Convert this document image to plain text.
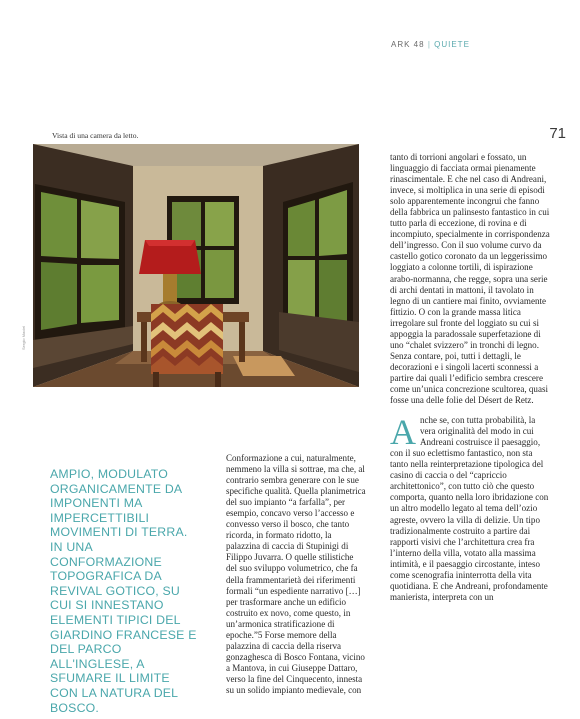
ARK 48 | QUIETE
71
Vista di una camera da letto.
Sergio Maciel
AMPIO, MODULATO ORGANICAMENTE DA IMPONENTI MA IMPERCETTIBILI MOVIMENTI DI TERRA. IN UNA CONFORMAZIONE TOPOGRAFICA DA REVIVAL GOTICO, SU CUI SI INNESTANO ELEMENTI TIPICI DEL GIARDINO FRANCESE E DEL PARCO ALL'INGLESE, A SFUMARE IL LIMITE CON LA NATURA DEL BOSCO.

Conformazione a cui, naturalmente, nemmeno la villa si sottrae, ma che, al contrario sembra generare con le sue specifiche qualità. Quella planimetrica del suo impianto “a farfalla”, per esempio, concavo verso l’accesso e convesso verso il bosco, che tanto ricorda, in formato ridotto, la palazzina di caccia di Stupinigi di Filippo Juvarra. O quelle stilistiche del suo sviluppo volumetrico, che fa della frammentarietà dei riferimenti formali “un espediente narrativo […] per trasformare anche un edificio costruito ex novo, come questo, in un’armonica stratificazione di epoche.”5 Forse memore della palazzina di caccia della riserva gonzaghesca di Bosco Fontana, vicino a Mantova, in cui Giuseppe Dattaro, verso la fine del Cinquecento, innesta su un solido impianto medievale, con

tanto di torrioni angolari e fossato, un linguaggio di facciata ormai pienamente rinascimentale. E che nel caso di Andreani, invece, si moltiplica in una serie di episodi solo apparentemente incongrui che fanno della fabbrica un palinsesto fantastico in cui tutto parla di eccezione, di rovina e di incompiuto, specialmente in corrispondenza dell’ingresso. Con il suo volume curvo da castello gotico coronato da un leggerissimo loggiato a colonne tortili, di ispirazione arabo-normanna, che regge, sopra una serie di archi dentati in mattoni, il tavolato in legno di un cantiere mai finito, ovviamente fittizio. O con la grande massa litica irregolare sul fronte del loggiato su cui si appoggia la paradossale superfetazione di uno “chalet svizzero” in tronchi di legno. Senza contare, poi, tutti i dettagli, le decorazioni e i singoli lacerti sconnessi a partire dai quali l’edificio sembra crescere come un’unica concrezione scultorea, quasi fosse una delle folie del Désert de Retz.

Anche se, con tutta probabilità, la vera originalità del modo in cui Andreani costruisce il paesaggio, con il suo eclettismo fantastico, non sta tanto nella reinterpretazione tipologica del casino di caccia o del “capriccio architettonico”, con tutto ciò che questo comporta, quanto nella loro ibridazione con un altro modello legato al tema dell’ozio agreste, ovvero la villa di delizie. Un tipo tradizionalmente costruito a partire dai rapporti visivi che l’architettura crea fra l’interno della villa, votato alla massima intimità, e il paesaggio circostante, inteso come scenografia ininterrotta della vita quotidiana. E che Andreani, profondamente manierista, interpreta con un
